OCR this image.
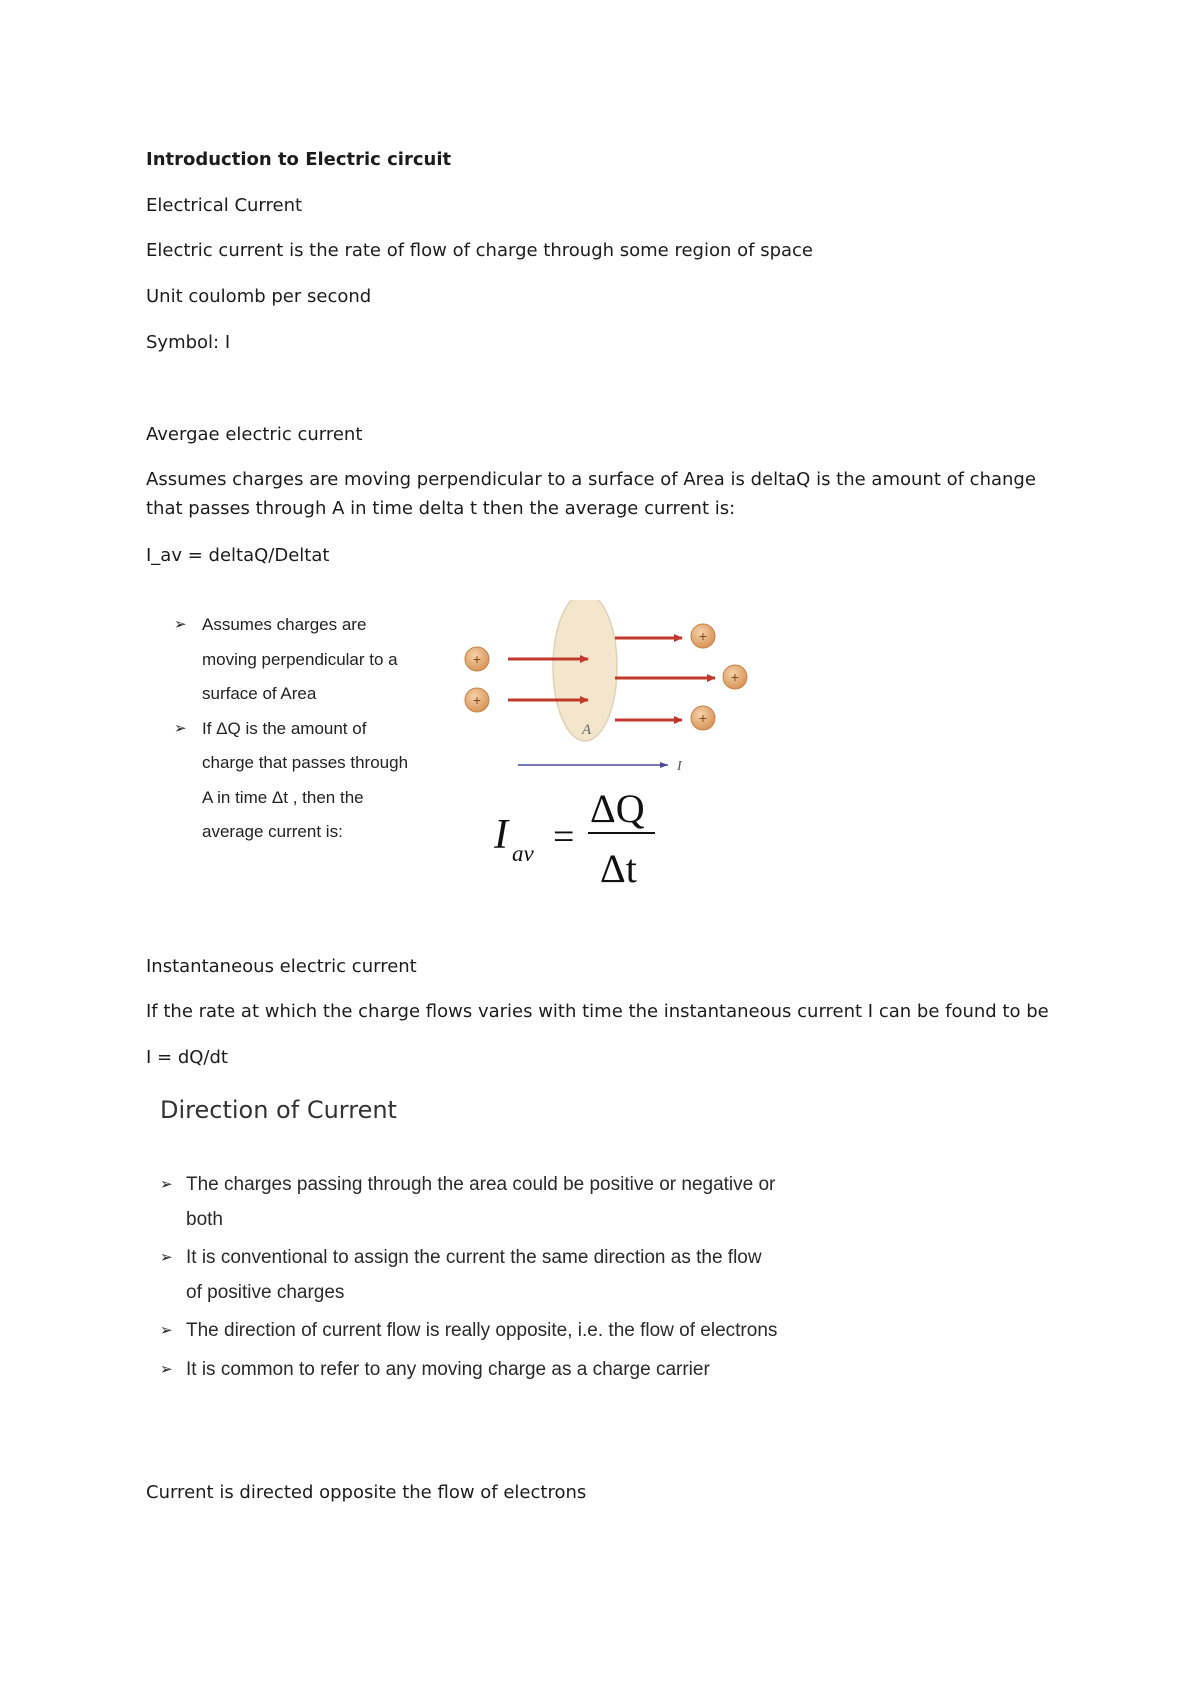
Introduction to Electric circuit

Electrical Current

Electric current is the rate of flow of charge through some region of space

Unit coulomb per second

Symbol: I

Avergae electric current

Assumes charges are moving perpendicular to a surface of Area is deltaQ is the amount of change that passes through A in time delta t then the average current is:

I_av = deltaQ/Deltat

➢ Assumes charges are
moving perpendicular to a
surface of Area
➢ If ΔQ is the amount of
charge that passes through
A in time Δt , then the
average current is:
A
+
+
+
+
+
I
I av =
ΔQ
Δt

Instantaneous electric current

If the rate at which the charge flows varies with time the instantaneous current I can be found to be

I = dQ/dt

Direction of Current

➢ The charges passing through the area could be positive or negative or both
➢ It is conventional to assign the current the same direction as the flow of positive charges
➢ The direction of current flow is really opposite, i.e. the flow of electrons
➢ It is common to refer to any moving charge as a charge carrier

Current is directed opposite the flow of electrons
